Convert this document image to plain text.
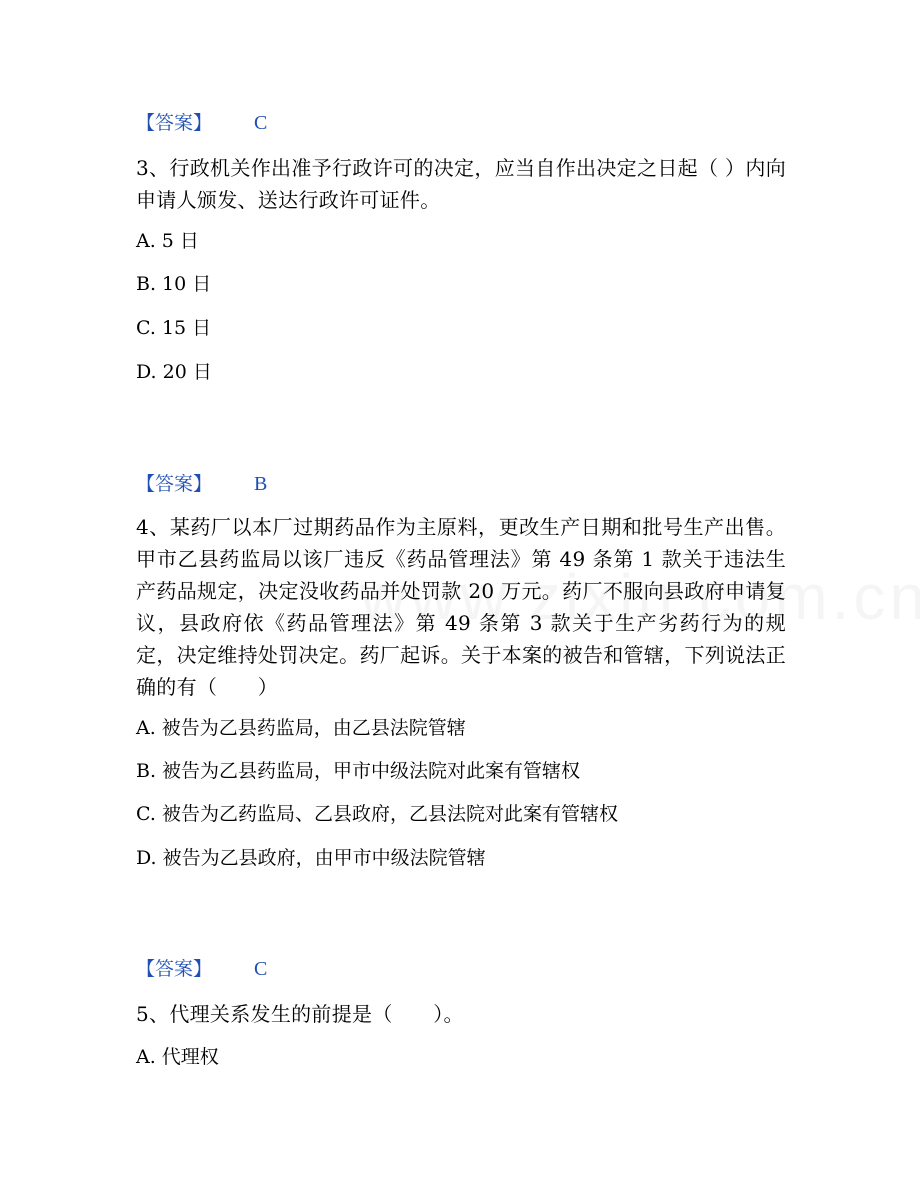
【答案】 C
3、行政机关作出准予行政许可的决定，应当自作出决定之日起（ ）内向申请人颁发、送达行政许可证件。
A. 5 日
B. 10 日
C. 15 日
D. 20 日
【答案】 B
4、某药厂以本厂过期药品作为主原料，更改生产日期和批号生产出售。甲市乙县药监局以该厂违反《药品管理法》第 49 条第 1 款关于违法生产药品规定，决定没收药品并处罚款 20 万元。药厂不服向县政府申请复议，县政府依《药品管理法》第 49 条第 3 款关于生产劣药行为的规定，决定维持处罚决定。药厂起诉。关于本案的被告和管辖，下列说法正确的有（　　）
A. 被告为乙县药监局，由乙县法院管辖
B. 被告为乙县药监局，甲市中级法院对此案有管辖权
C. 被告为乙药监局、乙县政府，乙县法院对此案有管辖权
D. 被告为乙县政府，由甲市中级法院管辖
【答案】 C
5、代理关系发生的前提是（　　）。
A. 代理权
